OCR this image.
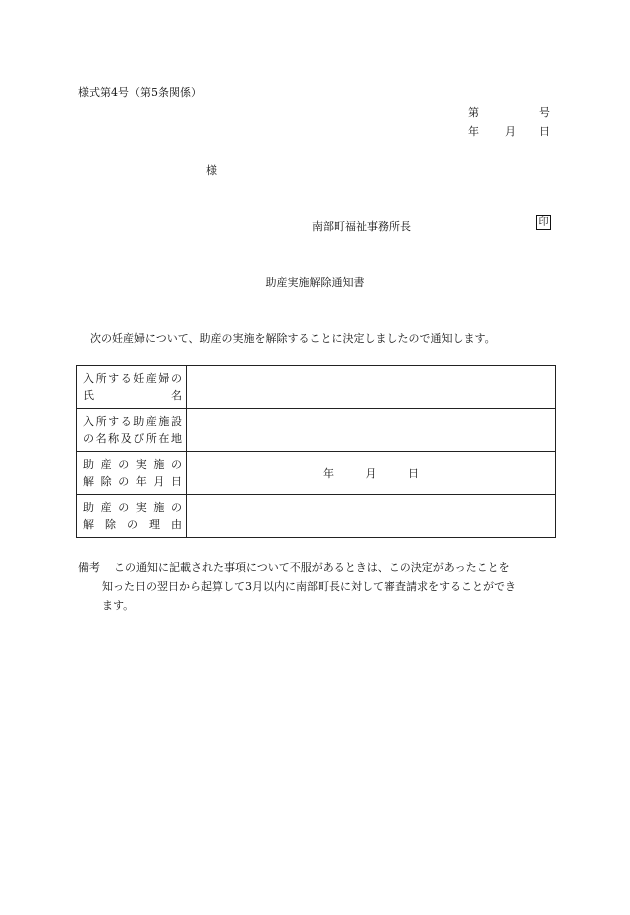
様式第4号（第5条関係）
第	号
年 月 日
様
南部町福祉事務所長	印
助産実施解除通知書
次の妊産婦について、助産の実施を解除することに決定しましたので通知します。
入所する妊産婦の
氏　　　　　　名	

入所する助産施設
の名称及び所在地	

助 産 の 実 施 の
解 除 の 年 月 日	年 月 日

助 産 の 実 施 の
解　除　の　理　由	

備考 この通知に記載された事項について不服があるときは、この決定があったことを
知った日の翌日から起算して3月以内に南部町長に対して審査請求をすることができ
ます。
